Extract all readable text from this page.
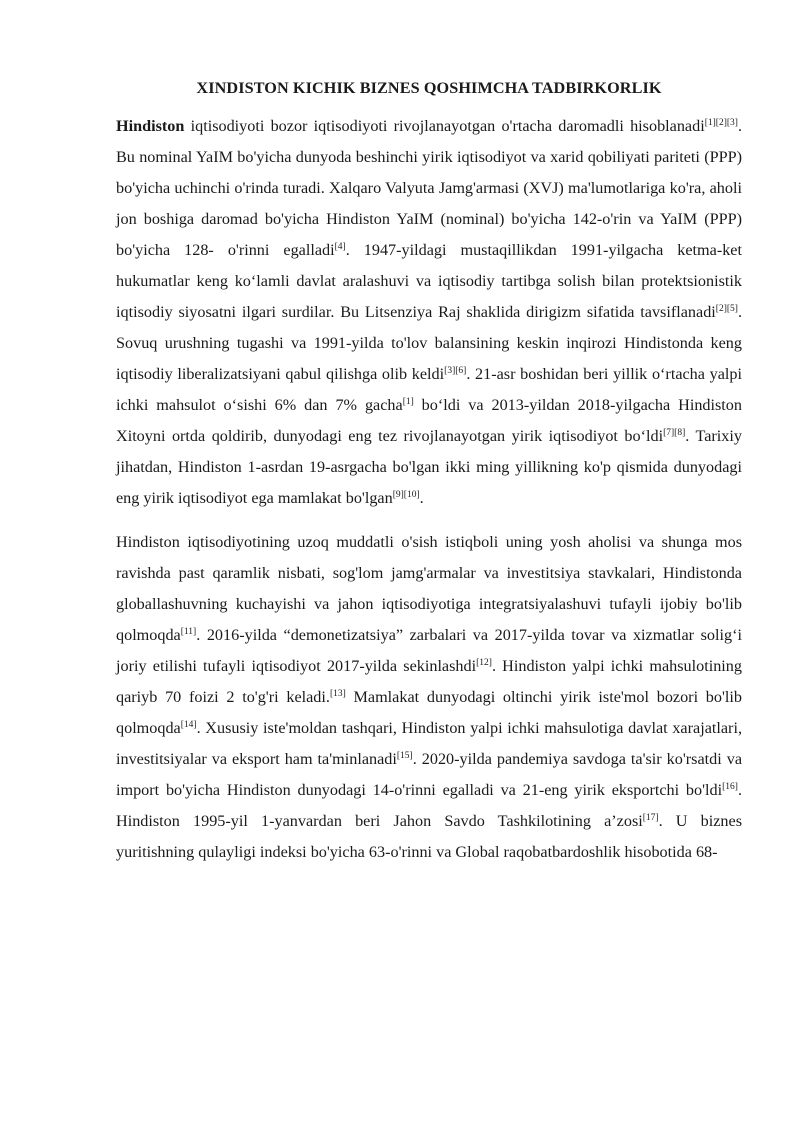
XINDISTON KICHIK BIZNES QOSHIMCHA TADBIRKORLIK

Hindiston iqtisodiyoti bozor iqtisodiyoti rivojlanayotgan o'rtacha daromadli hisoblanadi[1][2][3]. Bu nominal YaIM bo'yicha dunyoda beshinchi yirik iqtisodiyot va xarid qobiliyati pariteti (PPP) bo'yicha uchinchi o'rinda turadi. Xalqaro Valyuta Jamg'armasi (XVJ) ma'lumotlariga ko'ra, aholi jon boshiga daromad bo'yicha Hindiston YaIM (nominal) bo'yicha 142-o'rin va YaIM (PPP) bo'yicha 128- o'rinni egalladi[4]. 1947-yildagi mustaqillikdan 1991-yilgacha ketma-ket hukumatlar keng ko‘lamli davlat aralashuvi va iqtisodiy tartibga solish bilan protektsionistik iqtisodiy siyosatni ilgari surdilar. Bu Litsenziya Raj shaklida dirigizm sifatida tavsiflanadi[2][5]. Sovuq urushning tugashi va 1991-yilda to'lov balansining keskin inqirozi Hindistonda keng iqtisodiy liberalizatsiyani qabul qilishga olib keldi[3][6]. 21-asr boshidan beri yillik o‘rtacha yalpi ichki mahsulot o‘sishi 6% dan 7% gacha[1] bo‘ldi va 2013-yildan 2018-yilgacha Hindiston Xitoyni ortda qoldirib, dunyodagi eng tez rivojlanayotgan yirik iqtisodiyot bo‘ldi[7][8]. Tarixiy jihatdan, Hindiston 1-asrdan 19-asrgacha bo'lgan ikki ming yillikning ko'p qismida dunyodagi eng yirik iqtisodiyot ega mamlakat bo'lgan[9][10].

Hindiston iqtisodiyotining uzoq muddatli o'sish istiqboli uning yosh aholisi va shunga mos ravishda past qaramlik nisbati, sog'lom jamg'armalar va investitsiya stavkalari, Hindistonda globallashuvning kuchayishi va jahon iqtisodiyotiga integratsiyalashuvi tufayli ijobiy bo'lib qolmoqda[11]. 2016-yilda “demonetizatsiya” zarbalari va 2017-yilda tovar va xizmatlar solig‘i joriy etilishi tufayli iqtisodiyot 2017-yilda sekinlashdi[12]. Hindiston yalpi ichki mahsulotining qariyb 70 foizi 2 to'g'ri keladi.[13] Mamlakat dunyodagi oltinchi yirik iste'mol bozori bo'lib qolmoqda[14]. Xususiy iste'moldan tashqari, Hindiston yalpi ichki mahsulotiga davlat xarajatlari, investitsiyalar va eksport ham ta'minlanadi[15]. 2020-yilda pandemiya savdoga ta'sir ko'rsatdi va import bo'yicha Hindiston dunyodagi 14-o'rinni egalladi va 21-eng yirik eksportchi bo'ldi[16]. Hindiston 1995-yil 1-yanvardan beri Jahon Savdo Tashkilotining a’zosi[17]. U biznes yuritishning qulayligi indeksi bo'yicha 63-o'rinni va Global raqobatbardoshlik hisobotida 68-
